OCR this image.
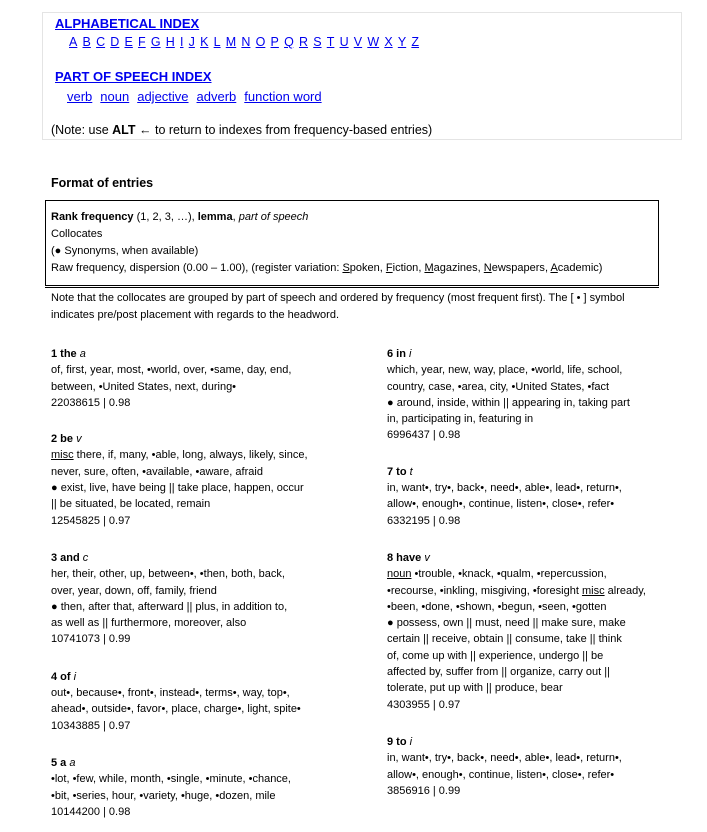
ALPHABETICAL INDEX
A B C D E F G H I J K L M N O P Q R S T U V W X Y Z
PART OF SPEECH INDEX
verb noun adjective adverb function word
(Note: use ALT ← to return to indexes from frequency-based entries)
Format of entries
Rank frequency (1, 2, 3, …), lemma, part of speech
Collocates
(● Synonyms, when available)
Raw frequency, dispersion (0.00 – 1.00), (register variation: Spoken, Fiction, Magazines, Newspapers, Academic)
Note that the collocates are grouped by part of speech and ordered by frequency (most frequent first). The [ • ] symbol indicates pre/post placement with regards to the headword.
1 the a
of, first, year, most, •world, over, •same, day, end,
between, •United States, next, during•
22038615 | 0.98
2 be v
misc there, if, many, •able, long, always, likely, since,
never, sure, often, •available, •aware, afraid
● exist, live, have being || take place, happen, occur
|| be situated, be located, remain
12545825 | 0.97
3 and c
her, their, other, up, between•, •then, both, back,
over, year, down, off, family, friend
● then, after that, afterward || plus, in addition to,
as well as || furthermore, moreover, also
10741073 | 0.99
4 of i
out•, because•, front•, instead•, terms•, way, top•,
ahead•, outside•, favor•, place, charge•, light, spite•
10343885 | 0.97
5 a a
•lot, •few, while, month, •single, •minute, •chance,
•bit, •series, hour, •variety, •huge, •dozen, mile
10144200 | 0.98
6 in i
which, year, new, way, place, •world, life, school,
country, case, •area, city, •United States, •fact
● around, inside, within || appearing in, taking part
in, participating in, featuring in
6996437 | 0.98
7 to t
in, want•, try•, back•, need•, able•, lead•, return•,
allow•, enough•, continue, listen•, close•, refer•
6332195 | 0.98
8 have v
noun •trouble, •knack, •qualm, •repercussion,
•recourse, •inkling, misgiving, •foresight misc already,
•been, •done, •shown, •begun, •seen, •gotten
● possess, own || must, need || make sure, make
certain || receive, obtain || consume, take || think
of, come up with || experience, undergo || be
affected by, suffer from || organize, carry out ||
tolerate, put up with || produce, bear
4303955 | 0.97
9 to i
in, want•, try•, back•, need•, able•, lead•, return•,
allow•, enough•, continue, listen•, close•, refer•
3856916 | 0.99
